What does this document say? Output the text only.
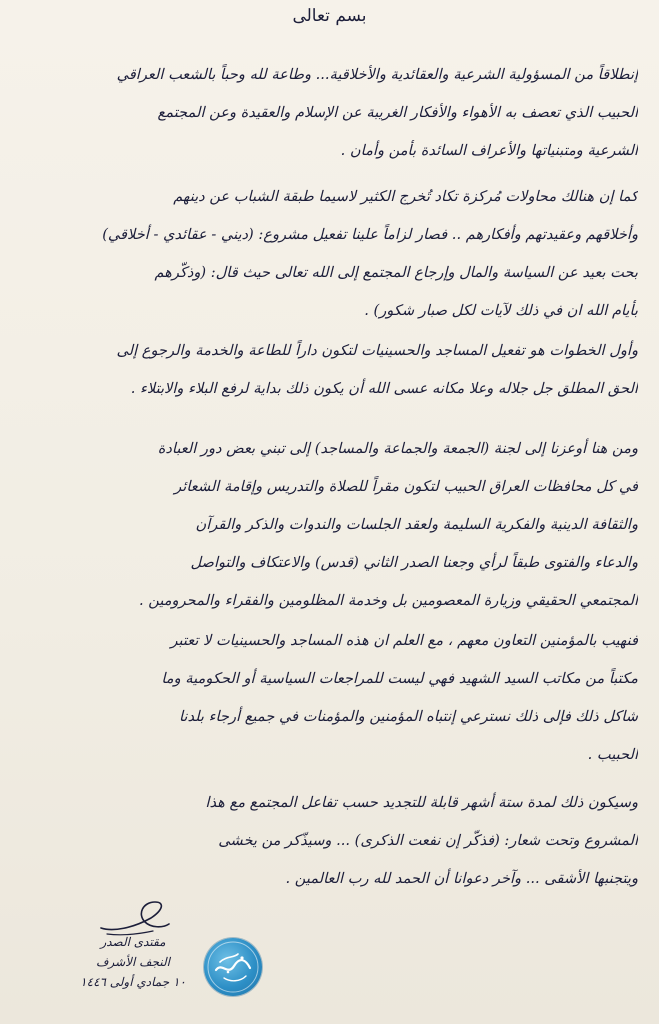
بسم تعالى
إنطلاقاً من المسؤولية الشرعية والعقائدية والأخلاقية... وطاعة لله وحباً بالشعب العراقي
الحبيب الذي تعصف به الأهواء والأفكار الغريبة عن الإسلام والعقيدة وعن المجتمع
الشرعية ومتبنياتها والأعراف السائدة بأمن وأمان .
كما إن هنالك محاولات مُركزة تكاد تُخرج الكثير لاسيما طبقة الشباب عن دينهم
وأخلاقهم وعقيدتهم وأفكارهم .. فصار لزاماً علينا تفعيل مشروع: (ديني - عقائدي - أخلاقي)
بحت بعيد عن السياسة والمال وإرجاع المجتمع إلى الله تعالى حيث قال: (وذكّرهم
بأيام الله ان في ذلك لآيات لكل صبار شكور) .
وأول الخطوات هو تفعيل المساجد والحسينيات لتكون داراً للطاعة والخدمة والرجوع إلى
الحق المطلق جل جلاله وعلا مكانه عسى الله أن يكون ذلك بداية لرفع البلاء والابتلاء .
ومن هنا أوعزنا إلى لجنة (الجمعة والجماعة والمساجد) إلى تبني بعض دور العبادة
في كل محافظات العراق الحبيب لتكون مقراً للصلاة والتدريس وإقامة الشعائر
والثقافة الدينية والفكرية السليمة ولعقد الجلسات والندوات والذكر والقرآن
والدعاء والفتوى طبقاً لرأي وجعنا الصدر الثاني (قدس) والاعتكاف والتواصل
المجتمعي الحقيقي وزيارة المعصومين بل وخدمة المظلومين والفقراء والمحرومين .
فنهيب بالمؤمنين التعاون معهم ، مع العلم ان هذه المساجد والحسينيات لا تعتبر
مكتباً من مكاتب السيد الشهيد فهي ليست للمراجعات السياسية أو الحكومية وما
شاكل ذلك فإلى ذلك نسترعي إنتباه المؤمنين والمؤمنات في جميع أرجاء بلدنا
الحبيب .
وسيكون ذلك لمدة ستة أشهر قابلة للتجديد حسب تفاعل المجتمع مع هذا
المشروع وتحت شعار: (فذكّر إن نفعت الذكرى) ... وسيذّكر من يخشى
ويتجنبها الأشقى ... وآخر دعوانا أن الحمد لله رب العالمين .
مقتدى الصدر
النجف الأشرف
١٠ جمادي أولى ١٤٤٦
